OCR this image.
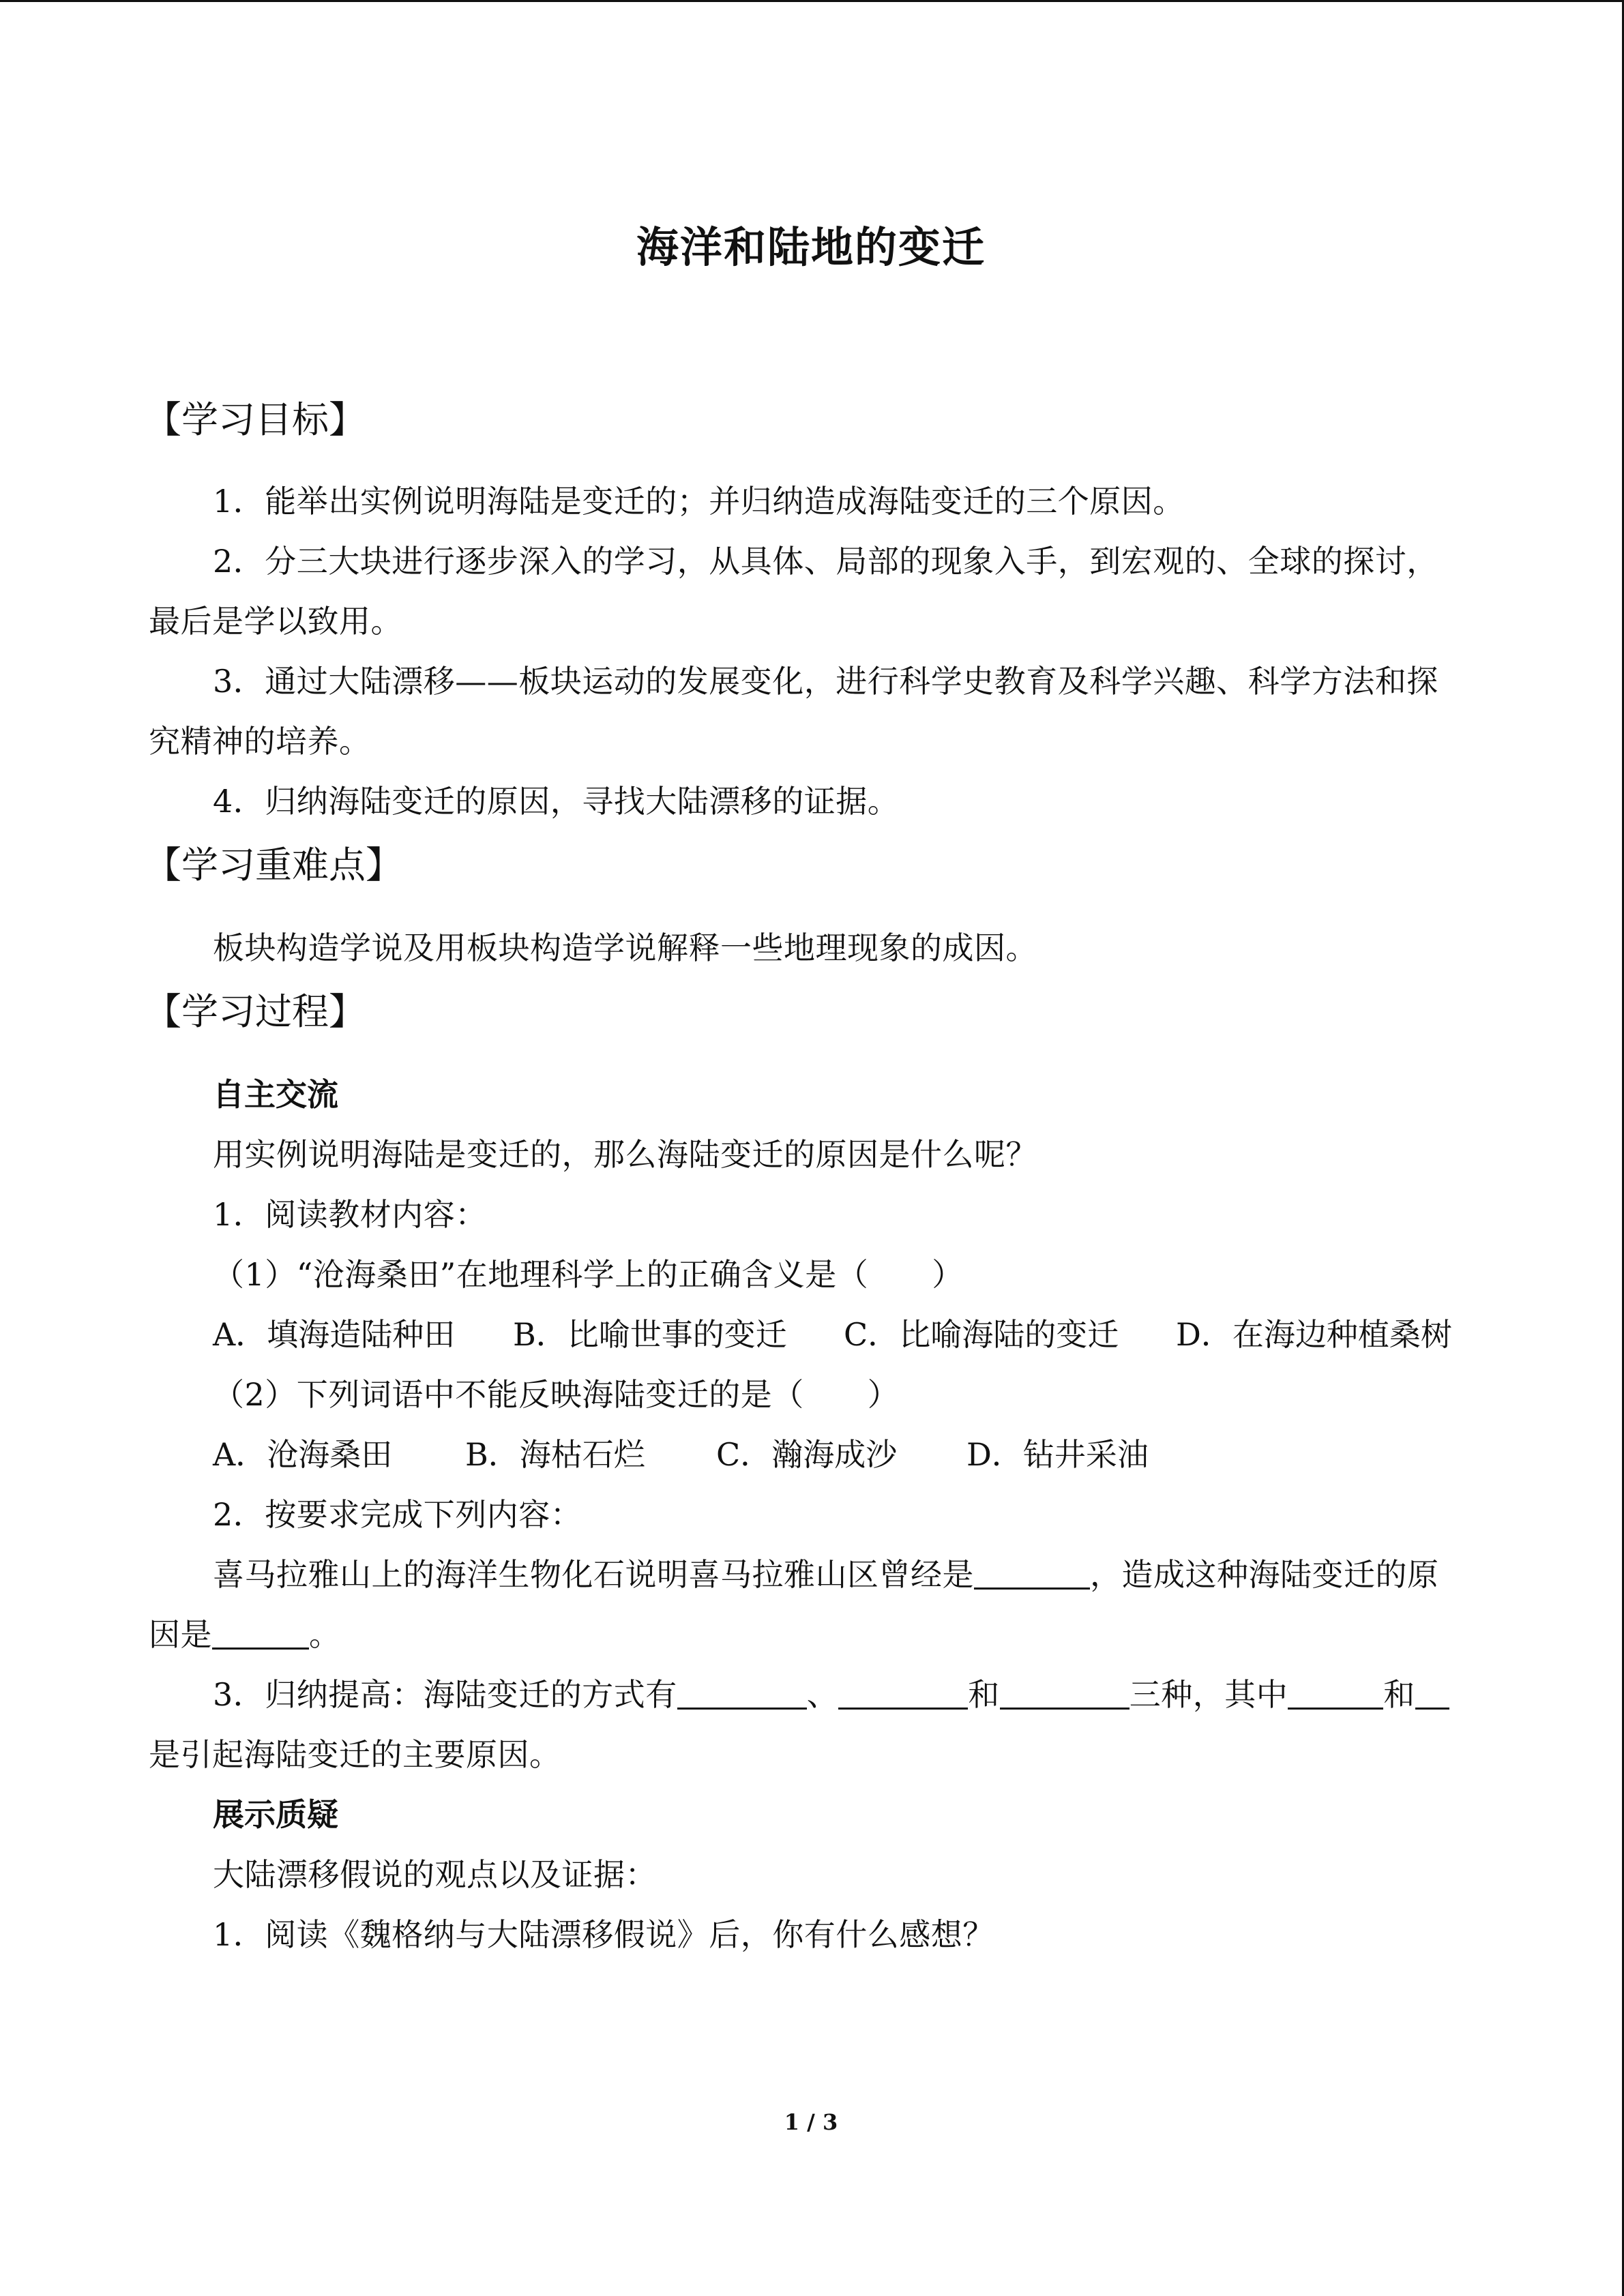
海洋和陆地的变迁
【学习目标】
1．能举出实例说明海陆是变迁的；并归纳造成海陆变迁的三个原因。
2．分三大块进行逐步深入的学习，从具体、局部的现象入手，到宏观的、全球的探讨，
最后是学以致用。
3．通过大陆漂移——板块运动的发展变化，进行科学史教育及科学兴趣、科学方法和探
究精神的培养。
4．归纳海陆变迁的原因，寻找大陆漂移的证据。
【学习重难点】
板块构造学说及用板块构造学说解释一些地理现象的成因。
【学习过程】
自主交流
用实例说明海陆是变迁的，那么海陆变迁的原因是什么呢？
1．阅读教材内容：
（1）“沧海桑田”在地理科学上的正确含义是（　　）
A．填海造陆种田 B．比喻世事的变迁 C．比喻海陆的变迁 D．在海边种植桑树
（2）下列词语中不能反映海陆变迁的是（　　）
A．沧海桑田 B．海枯石烂 C．瀚海成沙 D．钻井采油
2．按要求完成下列内容：
喜马拉雅山上的海洋生物化石说明喜马拉雅山区曾经是	，造成这种海陆变迁的原
因是	。
3．归纳提高：海陆变迁的方式有	、	和	三种，其中	和
是引起海陆变迁的主要原因。
展示质疑
大陆漂移假说的观点以及证据：
1．阅读《魏格纳与大陆漂移假说》后，你有什么感想？
1 / 3
